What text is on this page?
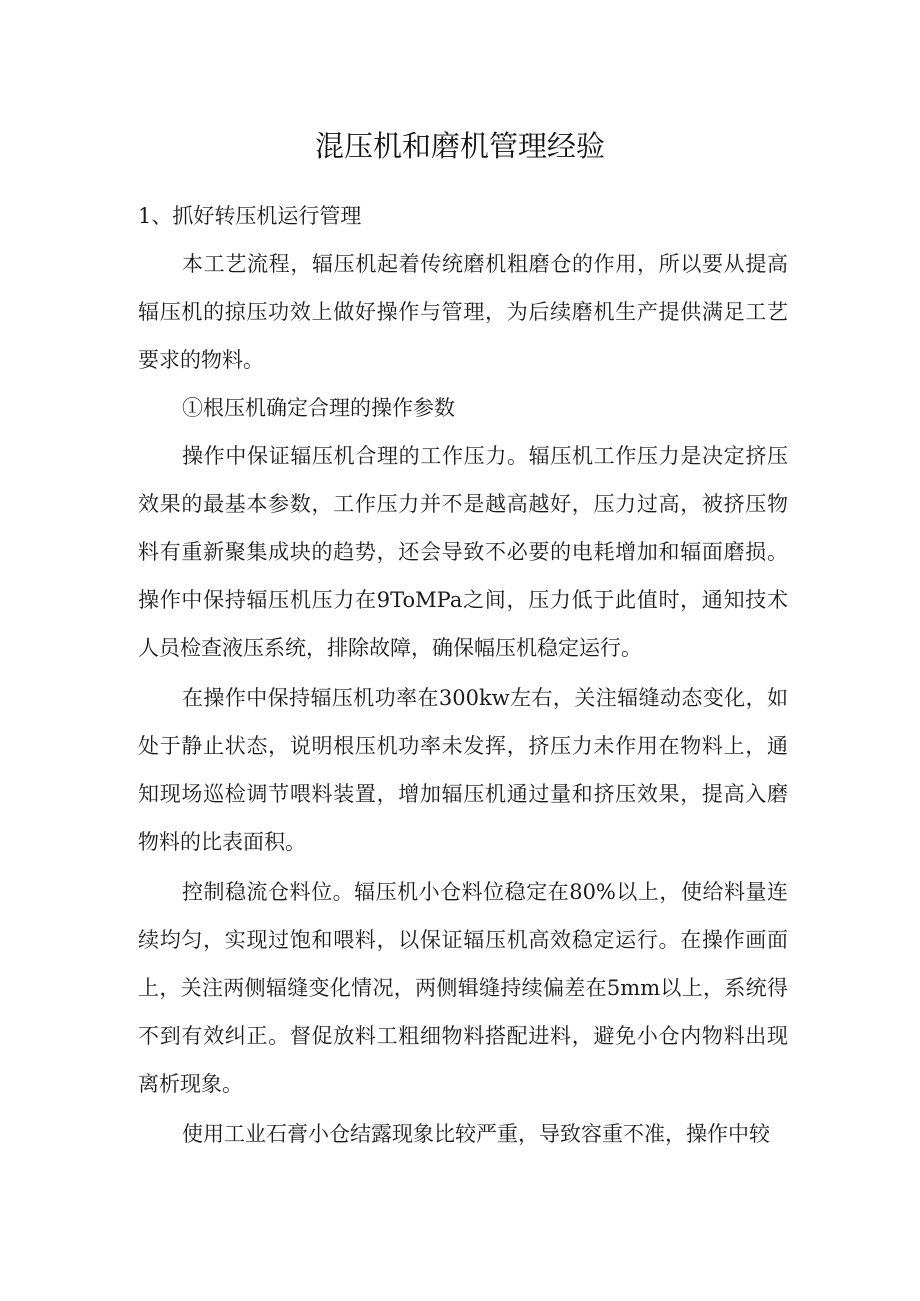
混压机和磨机管理经验

1、抓好转压机运行管理

本工艺流程，辐压机起着传统磨机粗磨仓的作用，所以要从提高辐压机的掠压功效上做好操作与管理，为后续磨机生产提供满足工艺要求的物料。

①根压机确定合理的操作参数

操作中保证辐压机合理的工作压力。辐压机工作压力是决定挤压效果的最基本参数，工作压力并不是越高越好，压力过高，被挤压物料有重新聚集成块的趋势，还会导致不必要的电耗增加和辐面磨损。操作中保持辐压机压力在9ToMPa之间，压力低于此值时，通知技术人员检查液压系统，排除故障，确保幅压机稳定运行。

在操作中保持辐压机功率在300kw左右，关注辐缝动态变化，如处于静止状态，说明根压机功率未发挥，挤压力未作用在物料上，通知现场巡检调节喂料装置，增加辐压机通过量和挤压效果，提高入磨物料的比表面积。

控制稳流仓料位。辐压机小仓料位稳定在80%以上，使给料量连续均匀，实现过饱和喂料，以保证辐压机高效稳定运行。在操作画面上，关注两侧辐缝变化情况，两侧辑缝持续偏差在5mm以上，系统得不到有效纠正。督促放料工粗细物料搭配进料，避免小仓内物料出现离析现象。

使用工业石膏小仓结露现象比较严重，导致容重不准，操作中较
